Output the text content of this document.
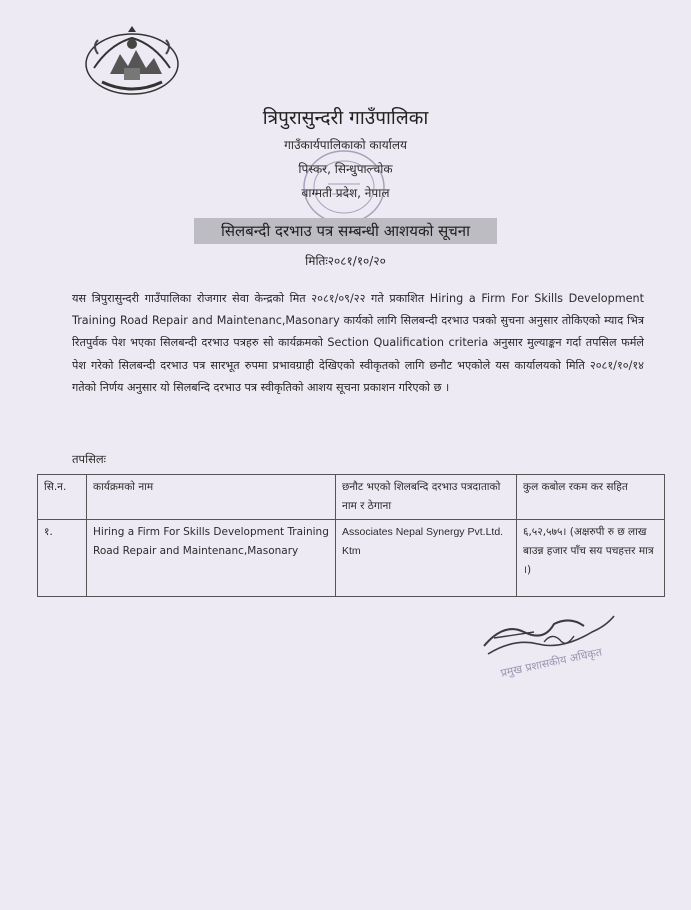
त्रिपुरासुन्दरी गाउँपालिका
गाउँकार्यपालिकाको कार्यालय
पिस्कर, सिन्धुपाल्चोक
बाग्मती प्रदेश, नेपाल
सिलबन्दी दरभाउ पत्र सम्बन्धी आशयको सूचना
मितिः२०८१/१०/२०
यस त्रिपुरासुन्दरी गाउँपालिका रोजगार सेवा केन्द्रको मित २०८१/०९/२२ गते प्रकाशित Hiring a Firm For Skills Development Training Road Repair and Maintenanc,Masonary कार्यको लागि सिलबन्दी दरभाउ पत्रको सुचना अनुसार तोकिएको म्याद भित्र रितपुर्वक पेश भएका सिलबन्दी दरभाउ पत्रहरु सो कार्यक्रमको Section Qualification criteria अनुसार मुल्याङ्कन गर्दा तपसिल फर्मले पेश गरेको सिलबन्दी दरभाउ पत्र सारभूत रुपमा प्रभावग्राही देखिएको स्वीकृतको लागि छनौट भएकोले यस कार्यालयको मिति २०८१/१०/१४ गतेको निर्णय अनुसार यो सिलबन्दि दरभाउ पत्र स्वीकृतिको आशय सूचना प्रकाशन गरिएको छ ।
तपसिलः
सि.न.	कार्यक्रमको नाम	छनौट भएको शिलबन्दि दरभाउ पत्रदाताको नाम र ठेगाना	कुल कबोल रकम कर सहित
१.	Hiring a Firm For Skills Development Training Road Repair and Maintenanc,Masonary	Associates Nepal Synergy Pvt.Ltd. Ktm	६,५२,५७५। (अक्षरुपी रु छ लाख बाउन्न हजार पाँच सय पचहत्तर मात्र ।)
प्रमुख प्रशासकीय अधिकृत
